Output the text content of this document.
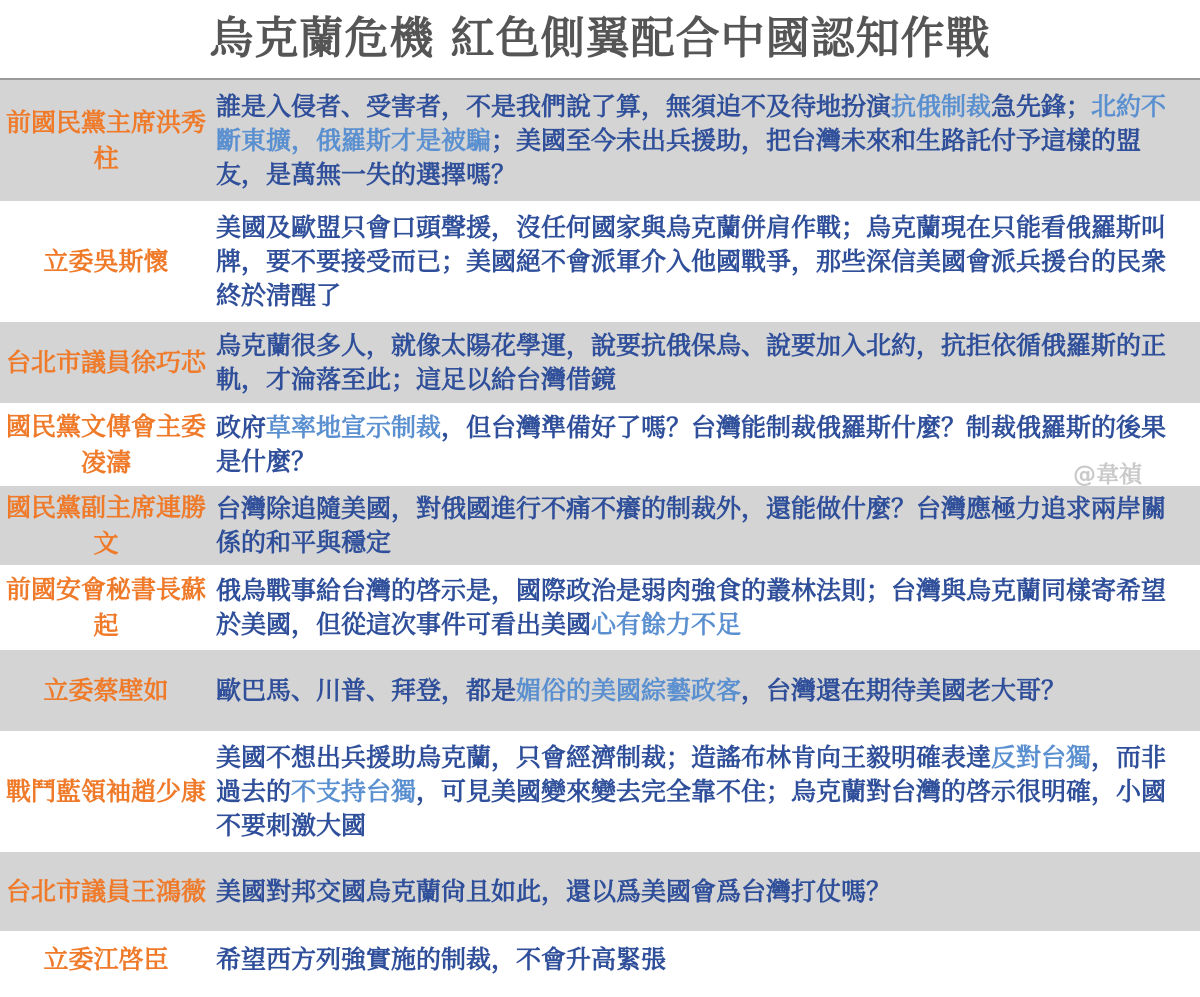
烏克蘭危機 紅色側翼配合中國認知作戰
前國民黨主席洪秀柱
誰是入侵者、受害者，不是我們說了算，無須迫不及待地扮演抗俄制裁急先鋒；北約不斷東擴，俄羅斯才是被騙；美國至今未出兵援助，把台灣未來和生路託付予這樣的盟友，是萬無一失的選擇嗎？
立委吳斯懷
美國及歐盟只會口頭聲援，沒任何國家與烏克蘭併肩作戰；烏克蘭現在只能看俄羅斯叫牌，要不要接受而已；美國絕不會派軍介入他國戰爭，那些深信美國會派兵援台的民衆終於淸醒了
台北市議員徐巧芯
烏克蘭很多人，就像太陽花學運，說要抗俄保烏、說要加入北約，抗拒依循俄羅斯的正軌，才淪落至此；這足以給台灣借鏡
國民黨文傳會主委凌濤
政府草率地宣示制裁，但台灣準備好了嗎？台灣能制裁俄羅斯什麼？制裁俄羅斯的後果是什麼？
國民黨副主席連勝文
台灣除追隨美國，對俄國進行不痛不癢的制裁外，還能做什麼？台灣應極力追求兩岸關係的和平與穩定
前國安會秘書長蘇起
俄烏戰事給台灣的啓示是，國際政治是弱肉強食的叢林法則；台灣與烏克蘭同樣寄希望於美國，但從這次事件可看出美國心有餘力不足
立委蔡壁如	歐巴馬、川普、拜登，都是媚俗的美國綜藝政客，台灣還在期待美國老大哥？
戰鬥藍領袖趙少康
美國不想出兵援助烏克蘭，只會經濟制裁；造謠布林肯向王毅明確表達反對台獨，而非過去的不支持台獨，可見美國變來變去完全靠不住；烏克蘭對台灣的啓示很明確，小國不要刺激大國
台北市議員王鴻薇 美國對邦交國烏克蘭尙且如此，還以爲美國會爲台灣打仗嗎？
立委江啓臣	希望西方列強實施的制裁，不會升高緊張
@韋禎
